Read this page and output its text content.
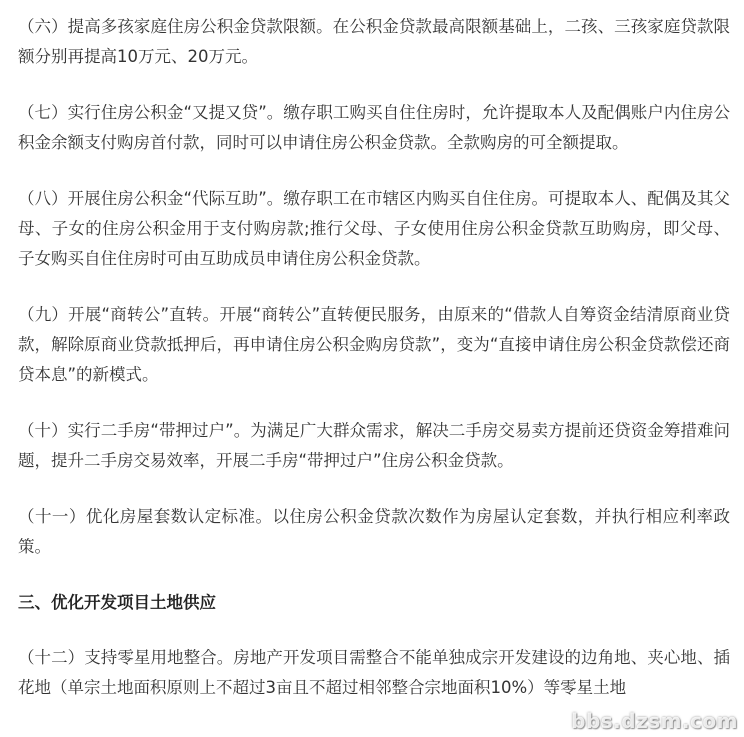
（六）提高多孩家庭住房公积金贷款限额。在公积金贷款最高限额基础上，二孩、三孩家庭贷款限额分别再提高10万元、20万元。

（七）实行住房公积金“又提又贷”。缴存职工购买自住住房时，允许提取本人及配偶账户内住房公积金余额支付购房首付款，同时可以申请住房公积金贷款。全款购房的可全额提取。

（八）开展住房公积金“代际互助”。缴存职工在市辖区内购买自住住房。可提取本人、配偶及其父母、子女的住房公积金用于支付购房款;推行父母、子女使用住房公积金贷款互助购房，即父母、子女购买自住住房时可由互助成员申请住房公积金贷款。

（九）开展“商转公”直转。开展“商转公”直转便民服务，由原来的“借款人自筹资金结清原商业贷款，解除原商业贷款抵押后，再申请住房公积金购房贷款”，变为“直接申请住房公积金贷款偿还商贷本息”的新模式。

（十）实行二手房“带押过户”。为满足广大群众需求，解决二手房交易卖方提前还贷资金筹措难问题，提升二手房交易效率，开展二手房“带押过户”住房公积金贷款。

（十一）优化房屋套数认定标准。以住房公积金贷款次数作为房屋认定套数，并执行相应利率政策。

三、优化开发项目土地供应

（十二）支持零星用地整合。房地产开发项目需整合不能单独成宗开发建设的边角地、夹心地、插花地（单宗土地面积原则上不超过3亩且不超过相邻整合宗地面积10%）等零星土地

bbs.dzsm.com
